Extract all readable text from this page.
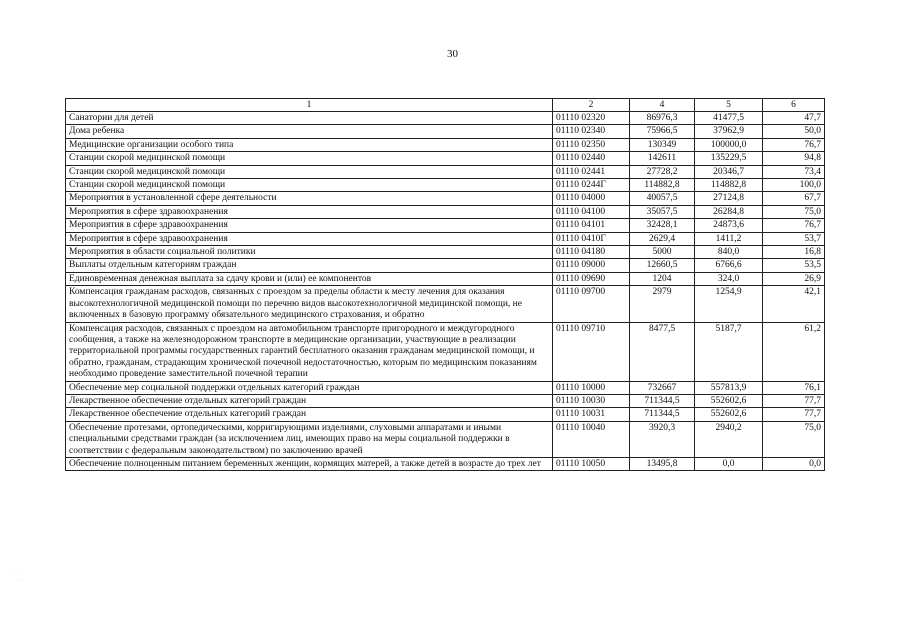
30
1	2	4	5	6
Санатории для детей	01110 02320	86976,3	41477,5	47,7
Дома ребенка	01110 02340	75966,5	37962,9	50,0
Медицинские организации особого типа	01110 02350	130349	100000,0	76,7
Станции скорой медицинской помощи	01110 02440	142611	135229,5	94,8
Станции скорой медицинской помощи	01110 02441	27728,2	20346,7	73,4
Станции скорой медицинской помощи	01110 0244Г	114882,8	114882,8	100,0
Мероприятия в установленной сфере деятельности	01110 04000	40057,5	27124,8	67,7
Мероприятия в сфере здравоохранения	01110 04100	35057,5	26284,8	75,0
Мероприятия в сфере здравоохранения	01110 04101	32428,1	24873,6	76,7
Мероприятия в сфере здравоохранения	01110 0410Г	2629,4	1411,2	53,7
Мероприятия в области социальной политики	01110 04180	5000	840,0	16,8
Выплаты отдельным категориям граждан	01110 09000	12660,5	6766,6	53,5
Единовременная денежная выплата за сдачу крови и (или) ее компонентов	01110 09690	1204	324,0	26,9
Компенсация гражданам расходов, связанных с проездом за пределы области к месту лечения для оказания высокотехнологичной медицинской помощи по перечню видов высокотехнологичной медицинской помощи, не включенных в базовую программу обязательного медицинского страхования, и обратно	01110 09700	2979	1254,9	42,1
Компенсация расходов, связанных с проездом на автомобильном транспорте пригородного и междугородного сообщения, а также на железнодорожном транспорте в медицинские организации, участвующие в реализации территориальной программы государственных гарантий бесплатного оказания гражданам медицинской помощи, и обратно, гражданам, страдающим хронической почечной недостаточностью, которым по медицинским показаниям необходимо проведение заместительной почечной терапии	01110 09710	8477,5	5187,7	61,2
Обеспечение мер социальной поддержки отдельных категорий граждан	01110 10000	732667	557813,9	76,1
Лекарственное обеспечение отдельных категорий граждан	01110 10030	711344,5	552602,6	77,7
Лекарственное обеспечение отдельных категорий граждан	01110 10031	711344,5	552602,6	77,7
Обеспечение протезами, ортопедическими, корригирующими изделиями, слуховыми аппаратами и иными специальными средствами граждан (за исключением лиц, имеющих право на меры социальной поддержки в соответствии с федеральным законодательством) по заключению врачей	01110 10040	3920,3	2940,2	75,0
Обеспечение полноценным питанием беременных женщин, кормящих матерей, а также детей в возрасте до трех лет	01110 10050	13495,8	0,0	0,0
· ·
· ·
